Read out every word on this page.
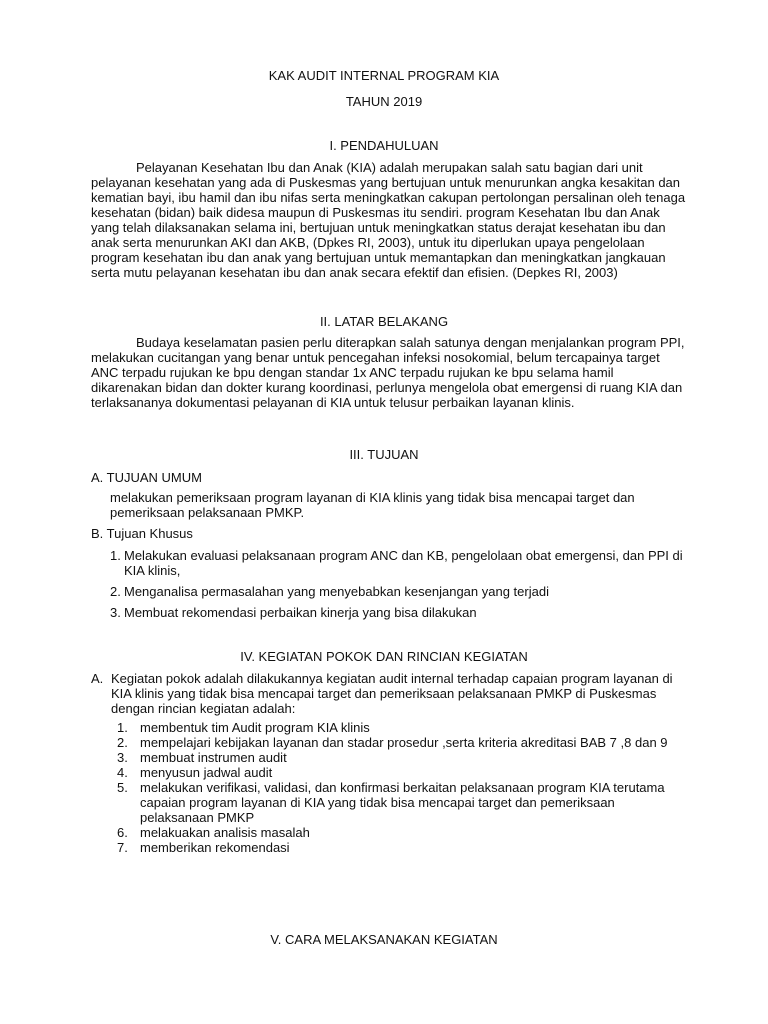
KAK AUDIT INTERNAL PROGRAM KIA
TAHUN 2019
I. PENDAHULUAN

Pelayanan Kesehatan Ibu dan Anak (KIA) adalah merupakan salah satu bagian dari unit pelayanan kesehatan yang ada di Puskesmas yang bertujuan untuk menurunkan angka kesakitan dan kematian bayi, ibu hamil dan ibu nifas serta meningkatkan cakupan pertolongan persalinan oleh tenaga kesehatan (bidan) baik didesa maupun di Puskesmas itu sendiri. program Kesehatan Ibu dan Anak yang telah dilaksanakan selama ini, bertujuan untuk meningkatkan status derajat kesehatan ibu dan anak serta menurunkan AKI dan AKB, (Dpkes RI, 2003), untuk itu diperlukan upaya pengelolaan program kesehatan ibu dan anak yang bertujuan untuk memantapkan dan meningkatkan jangkauan serta mutu pelayanan kesehatan ibu dan anak secara efektif dan efisien. (Depkes RI, 2003)

II. LATAR BELAKANG

Budaya keselamatan pasien perlu diterapkan salah satunya dengan menjalankan program PPI, melakukan cucitangan yang benar untuk pencegahan infeksi nosokomial, belum tercapainya target ANC terpadu rujukan ke bpu dengan standar 1x ANC terpadu rujukan ke bpu selama hamil dikarenakan bidan dan dokter kurang koordinasi, perlunya mengelola obat emergensi di ruang KIA dan terlaksananya dokumentasi pelayanan di KIA untuk telusur perbaikan layanan klinis.

III. TUJUAN
A. TUJUAN UMUM
melakukan pemeriksaan program layanan di KIA klinis yang tidak bisa mencapai target dan pemeriksaan pelaksanaan PMKP.
B. Tujuan Khusus
1. Melakukan evaluasi pelaksanaan program ANC dan KB, pengelolaan obat emergensi, dan PPI di KIA klinis,
2. Menganalisa permasalahan yang menyebabkan kesenjangan yang terjadi
3. Membuat rekomendasi perbaikan kinerja yang bisa dilakukan
IV. KEGIATAN POKOK DAN RINCIAN KEGIATAN
A. Kegiatan pokok adalah dilakukannya kegiatan audit internal terhadap capaian program layanan di KIA klinis yang tidak bisa mencapai target dan pemeriksaan pelaksanaan PMKP di Puskesmas dengan rincian kegiatan adalah:
1. membentuk tim Audit program KIA klinis
2. mempelajari kebijakan layanan dan stadar prosedur ,serta kriteria akreditasi BAB 7 ,8 dan 9
3. membuat instrumen audit
4. menyusun jadwal audit
5. melakukan verifikasi, validasi, dan konfirmasi berkaitan pelaksanaan program KIA terutama capaian program layanan di KIA yang tidak bisa mencapai target dan pemeriksaan pelaksanaan PMKP
6. melakuakan analisis masalah
7. memberikan rekomendasi
V. CARA MELAKSANAKAN KEGIATAN
